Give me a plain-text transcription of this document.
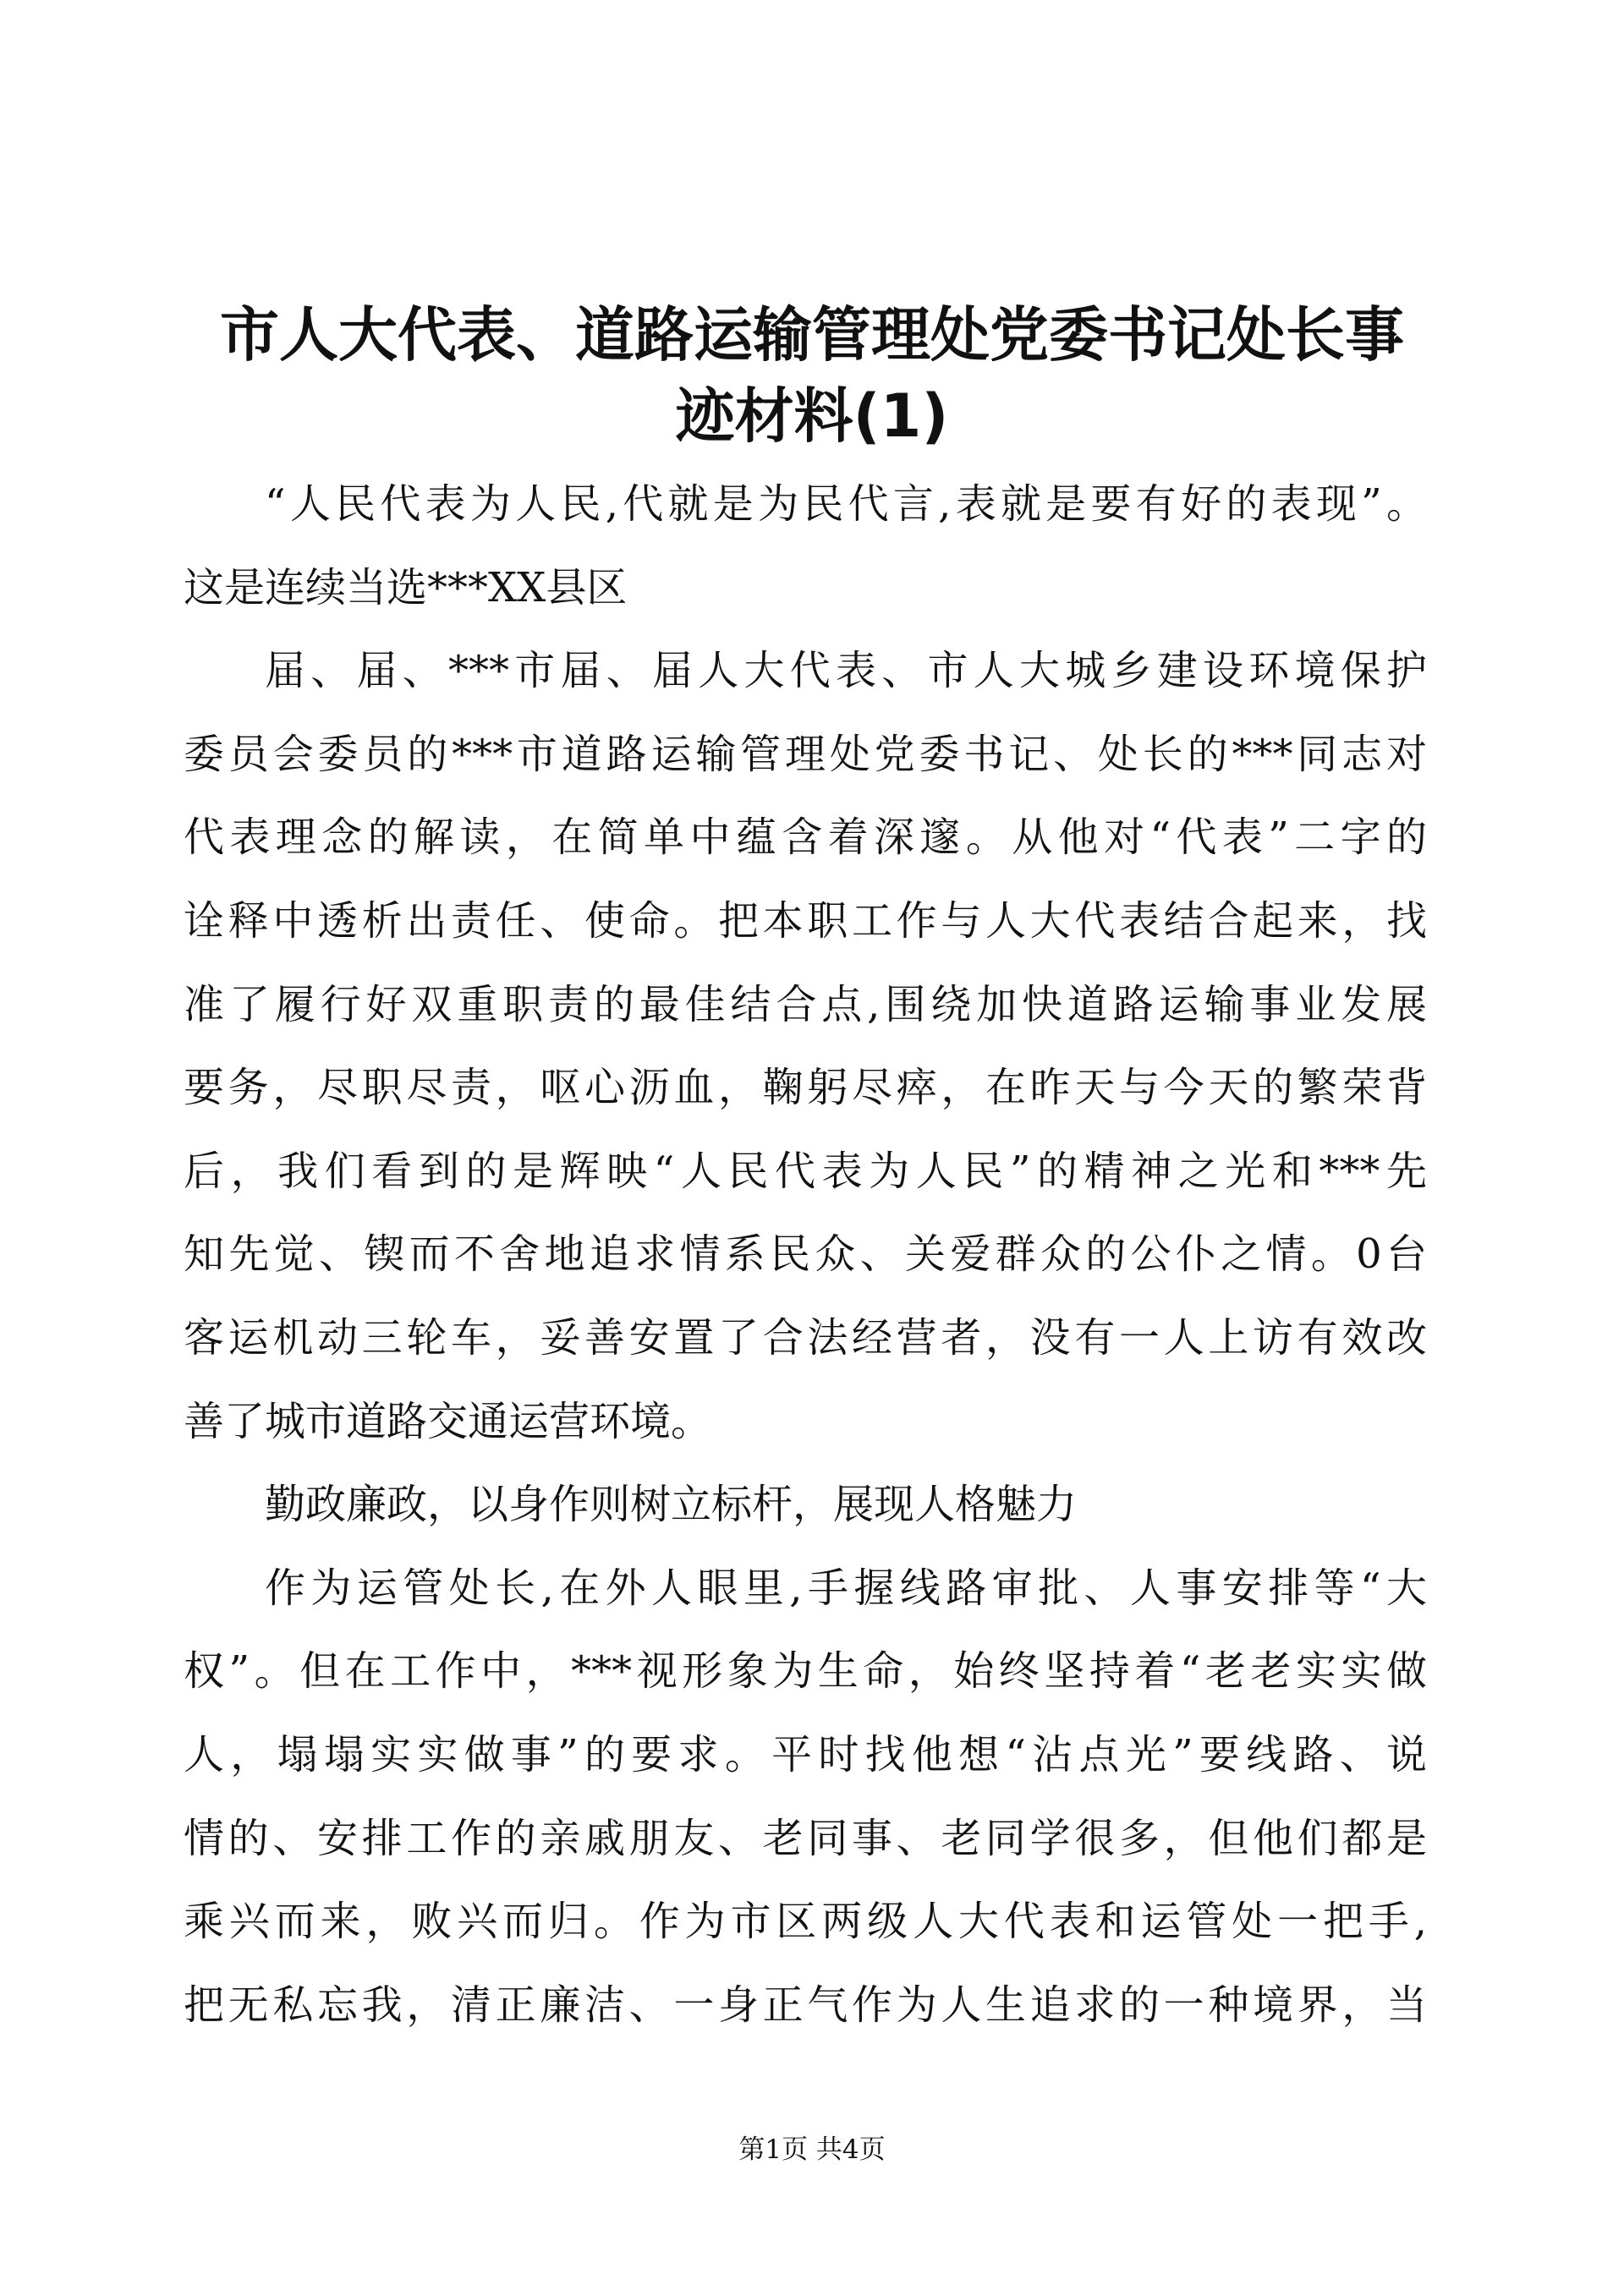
市人大代表、道路运输管理处党委书记处长事
迹材料(1)
“人民代表为人民,代就是为民代言,表就是要有好的表现”。
这是连续当选***XX县区
届、届、***市届、届人大代表、市人大城乡建设环境保护
委员会委员的***市道路运输管理处党委书记、处长的***同志对
代表理念的解读，在简单中蕴含着深邃。从他对“代表”二字的
诠释中透析出责任、使命。把本职工作与人大代表结合起来，找
准了履行好双重职责的最佳结合点,围绕加快道路运输事业发展
要务，尽职尽责，呕心沥血，鞠躬尽瘁，在昨天与今天的繁荣背
后，我们看到的是辉映“人民代表为人民”的精神之光和***先
知先觉、锲而不舍地追求情系民众、关爱群众的公仆之情。0台
客运机动三轮车，妥善安置了合法经营者，没有一人上访有效改
善了城市道路交通运营环境。
勤政廉政，以身作则树立标杆，展现人格魅力
作为运管处长,在外人眼里,手握线路审批、人事安排等“大
权”。但在工作中，***视形象为生命，始终坚持着“老老实实做
人，塌塌实实做事”的要求。平时找他想“沾点光”要线路、说
情的、安排工作的亲戚朋友、老同事、老同学很多，但他们都是
乘兴而来，败兴而归。作为市区两级人大代表和运管处一把手,
把无私忘我，清正廉洁、一身正气作为人生追求的一种境界，当
第1页 共4页
